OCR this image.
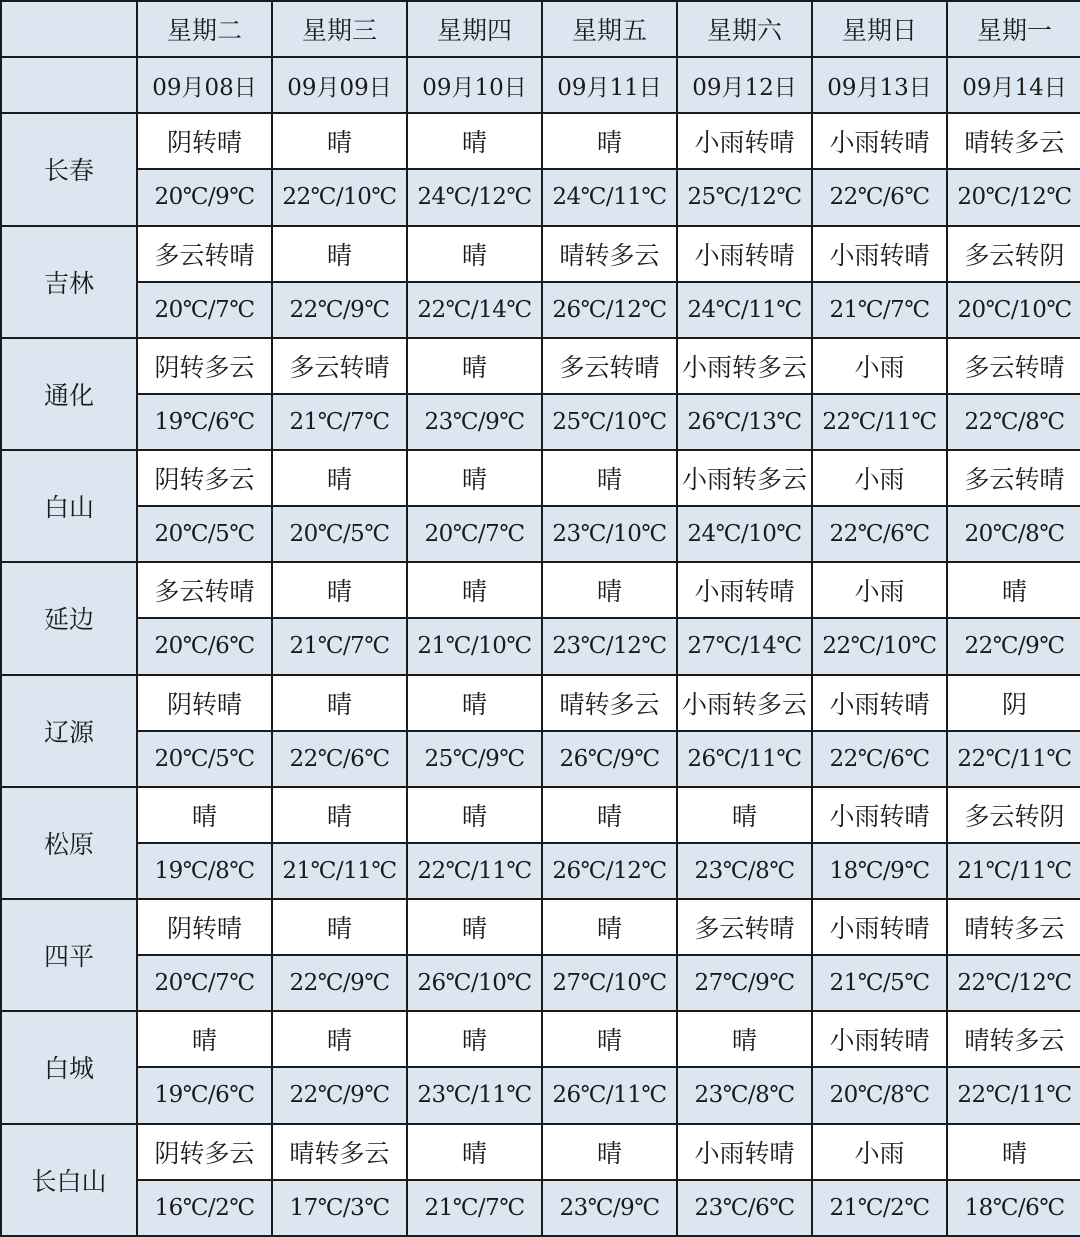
	星期二	星期三	星期四	星期五	星期六	星期日	星期一
	09月08日	09月09日	09月10日	09月11日	09月12日	09月13日	09月14日
长春	阴转晴	晴	晴	晴	小雨转晴	小雨转晴	晴转多云
	20℃/9℃	22℃/10℃	24℃/12℃	24℃/11℃	25℃/12℃	22℃/6℃	20℃/12℃
吉林	多云转晴	晴	晴	晴转多云	小雨转晴	小雨转晴	多云转阴
	20℃/7℃	22℃/9℃	22℃/14℃	26℃/12℃	24℃/11℃	21℃/7℃	20℃/10℃
通化	阴转多云	多云转晴	晴	多云转晴	小雨转多云	小雨	多云转晴
	19℃/6℃	21℃/7℃	23℃/9℃	25℃/10℃	26℃/13℃	22℃/11℃	22℃/8℃
白山	阴转多云	晴	晴	晴	小雨转多云	小雨	多云转晴
	20℃/5℃	20℃/5℃	20℃/7℃	23℃/10℃	24℃/10℃	22℃/6℃	20℃/8℃
延边	多云转晴	晴	晴	晴	小雨转晴	小雨	晴
	20℃/6℃	21℃/7℃	21℃/10℃	23℃/12℃	27℃/14℃	22℃/10℃	22℃/9℃
辽源	阴转晴	晴	晴	晴转多云	小雨转多云	小雨转晴	阴
	20℃/5℃	22℃/6℃	25℃/9℃	26℃/9℃	26℃/11℃	22℃/6℃	22℃/11℃
松原	晴	晴	晴	晴	晴	小雨转晴	多云转阴
	19℃/8℃	21℃/11℃	22℃/11℃	26℃/12℃	23℃/8℃	18℃/9℃	21℃/11℃
四平	阴转晴	晴	晴	晴	多云转晴	小雨转晴	晴转多云
	20℃/7℃	22℃/9℃	26℃/10℃	27℃/10℃	27℃/9℃	21℃/5℃	22℃/12℃
白城	晴	晴	晴	晴	晴	小雨转晴	晴转多云
	19℃/6℃	22℃/9℃	23℃/11℃	26℃/11℃	23℃/8℃	20℃/8℃	22℃/11℃
长白山	阴转多云	晴转多云	晴	晴	小雨转晴	小雨	晴
	16℃/2℃	17℃/3℃	21℃/7℃	23℃/9℃	23℃/6℃	21℃/2℃	18℃/6℃
